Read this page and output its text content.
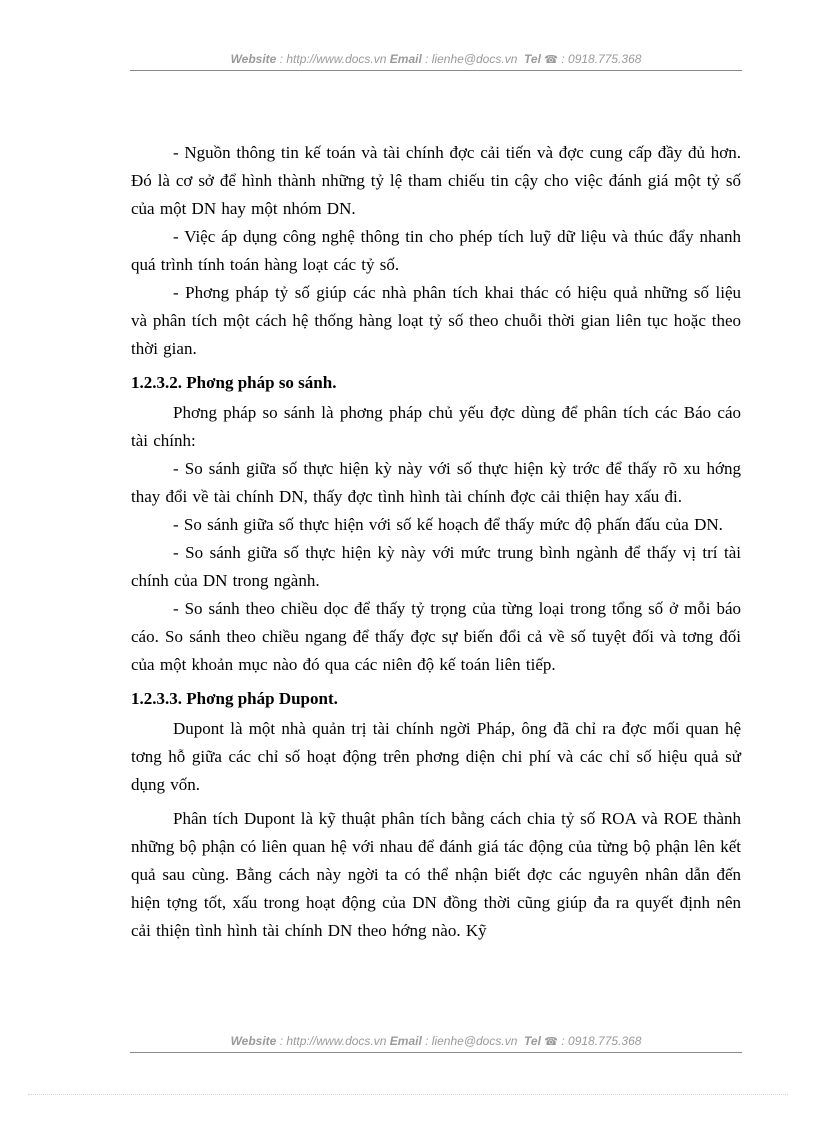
Website : http://www.docs.vn Email : lienhe@docs.vn Tel ☎ : 0918.775.368

- Nguồn thông tin kế toán và tài chính đợc cải tiến và đợc cung cấp đầy đủ hơn. Đó là cơ sở để hình thành những tỷ lệ tham chiếu tin cậy cho việc đánh giá một tỷ số của một DN hay một nhóm DN.

- Việc áp dụng công nghệ thông tin cho phép tích luỹ dữ liệu và thúc đẩy nhanh quá trình tính toán hàng loạt các tỷ số.

- Phơng pháp tỷ số giúp các nhà phân tích khai thác có hiệu quả những số liệu và phân tích một cách hệ thống hàng loạt tỷ số theo chuỗi thời gian liên tục hoặc theo thời gian.

1.2.3.2. Phơng pháp so sánh.

Phơng pháp so sánh là phơng pháp chủ yếu đợc dùng để phân tích các Báo cáo tài chính:

- So sánh giữa số thực hiện kỳ này với số thực hiện kỳ trớc để thấy rõ xu hớng thay đổi về tài chính DN, thấy đợc tình hình tài chính đợc cải thiện hay xấu đi.

- So sánh giữa số thực hiện với số kế hoạch để thấy mức độ phấn đấu của DN.

- So sánh giữa số thực hiện kỳ này với mức trung bình ngành để thấy vị trí tài chính của DN trong ngành.

- So sánh theo chiều dọc để thấy tỷ trọng của từng loại trong tổng số ở mỗi báo cáo. So sánh theo chiều ngang để thấy đợc sự biến đổi cả về số tuyệt đối và tơng đối của một khoản mục nào đó qua các niên độ kế toán liên tiếp.

1.2.3.3. Phơng pháp Dupont.

Dupont là một nhà quản trị tài chính ngời Pháp, ông đã chỉ ra đợc mối quan hệ tơng hỗ giữa các chỉ số hoạt động trên phơng diện chi phí và các chỉ số hiệu quả sử dụng vốn.

Phân tích Dupont là kỹ thuật phân tích bằng cách chia tỷ số ROA và ROE thành những bộ phận có liên quan hệ với nhau để đánh giá tác động của từng bộ phận lên kết quả sau cùng. Bằng cách này ngời ta có thể nhận biết đợc các nguyên nhân dẫn đến hiện tợng tốt, xấu trong hoạt động của DN đồng thời cũng giúp đa ra quyết định nên cải thiện tình hình tài chính DN theo hớng nào. Kỹ

Website : http://www.docs.vn Email : lienhe@docs.vn Tel ☎ : 0918.775.368
